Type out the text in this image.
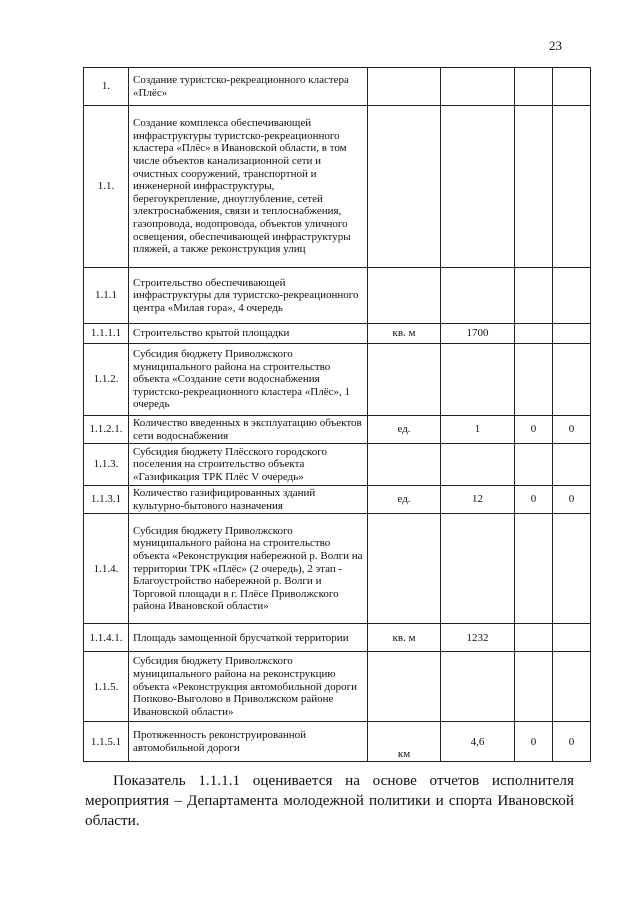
23
1.	Создание туристско-рекреационного кластера «Плёс»				
1.1.	Создание комплекса обеспечивающей инфраструктуры туристско-рекреационного кластера «Плёс» в Ивановской области, в том числе объектов канализационной сети и очистных сооружений, транспортной и инженерной инфраструктуры, берегоукрепление, дноуглубление, сетей электроснабжения, связи и теплоснабжения, газопровода, водопровода, объектов уличного освещения, обеспечивающей инфраструктуры пляжей, а также реконструкция улиц				
1.1.1	Строительство обеспечивающей инфраструктуры для туристско-рекреационного центра «Милая гора», 4 очередь				
1.1.1.1	Строительство крытой площадки	кв. м	1700		
1.1.2.	Субсидия бюджету Приволжского муниципального района на строительство объекта «Создание сети водоснабжения туристско-рекреационного кластера «Плёс», 1 очередь				
1.1.2.1.	Количество введенных в эксплуатацию объектов сети водоснабжения	ед.	1	0	0
1.1.3.	Субсидия бюджету Плёсского городского поселения на строительство объекта «Газификация ТРК Плёс V очередь»				
1.1.3.1	Количество газифицированных зданий культурно-бытового назначения	ед.	12	0	0
1.1.4.	Субсидия бюджету Приволжского муниципального района на строительство объекта «Реконструкция набережной р. Волги на территории ТРК «Плёс» (2 очередь), 2 этап - Благоустройство набережной р. Волги и Торговой площади в г. Плёсе Приволжского района Ивановской области»				
1.1.4.1.	Площадь замощенной брусчаткой территории	кв. м	1232		
1.1.5.	Субсидия бюджету Приволжского муниципального района на реконструкцию объекта «Реконструкция автомобильной дороги Попково-Выголово в Приволжском районе Ивановской области»				
1.1.5.1	Протяженность реконструированной автомобильной дороги	км	4,6	0	0
Показатель 1.1.1.1 оценивается на основе отчетов исполнителя мероприятия – Департамента молодежной политики и спорта Ивановской области.
